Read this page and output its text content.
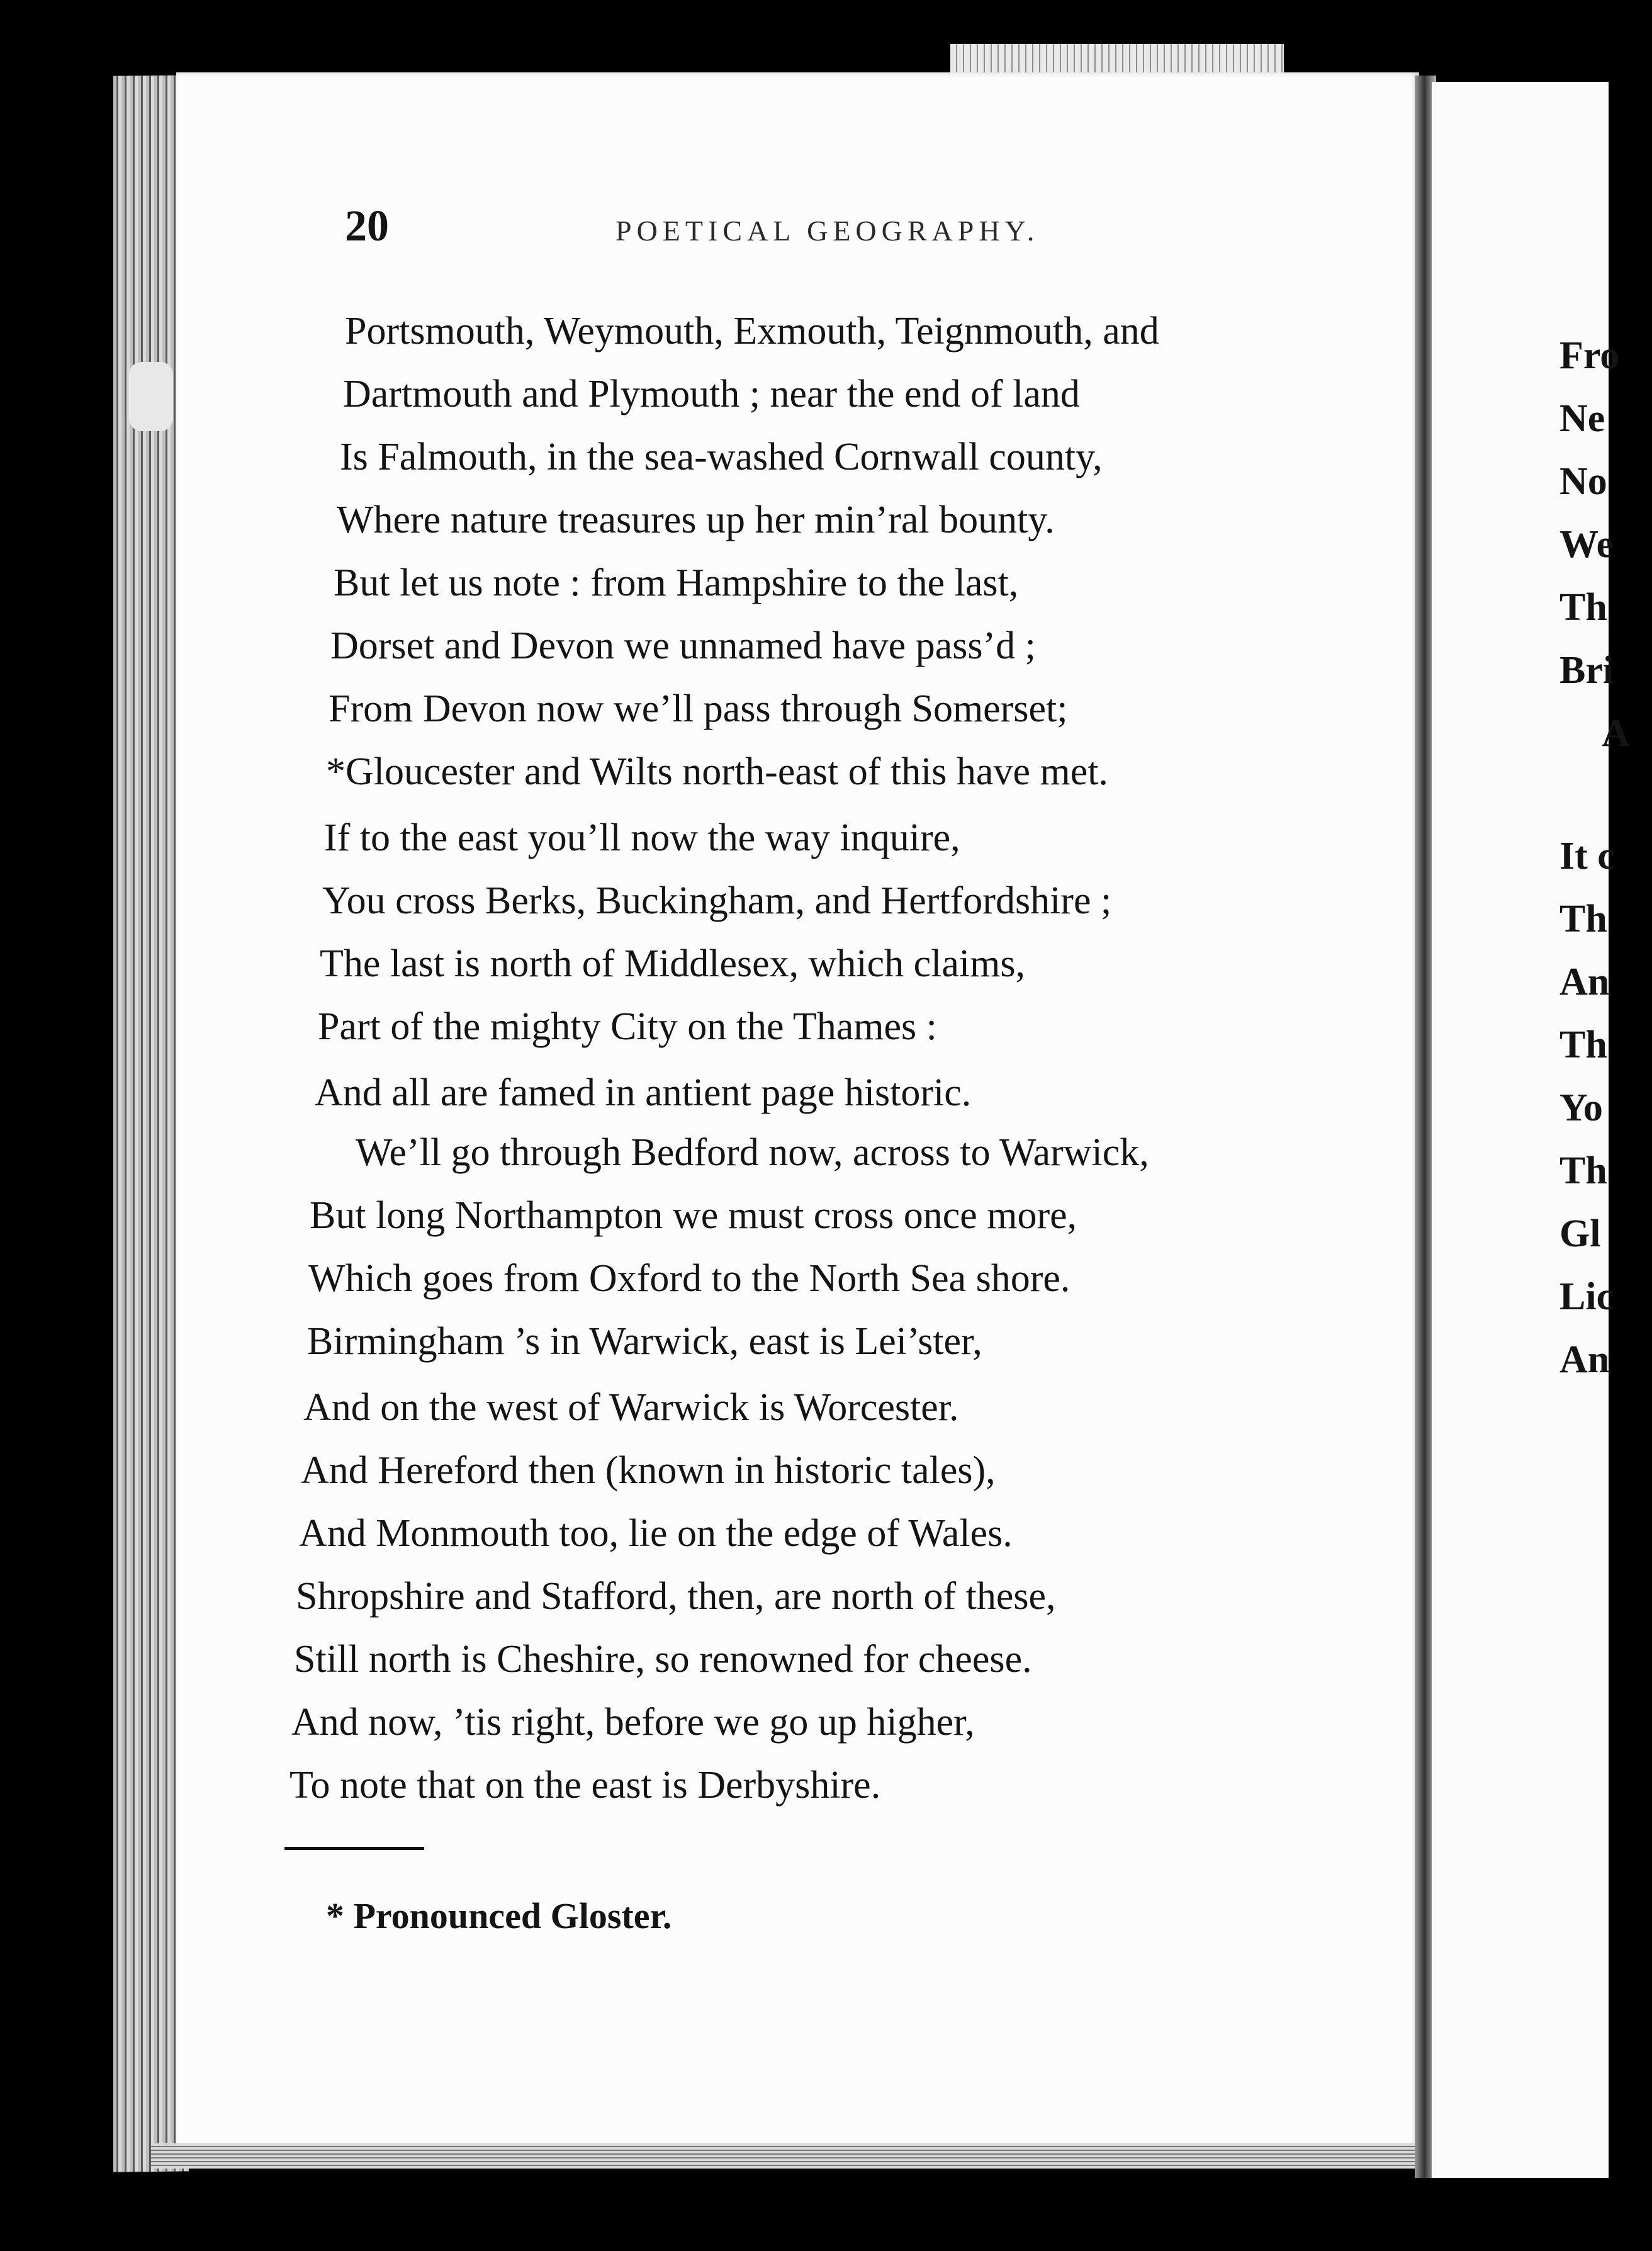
20	POETICAL GEOGRAPHY.
Portsmouth, Weymouth, Exmouth, Teignmouth, and
Dartmouth and Plymouth ; near the end of land
Is Falmouth, in the sea-washed Cornwall county,
Where nature treasures up her min’ral bounty.
But let us note : from Hampshire to the last,
Dorset and Devon we unnamed have pass’d ;
From Devon now we’ll pass through Somerset;
*Gloucester and Wilts north-east of this have met.
If to the east you’ll now the way inquire,
You cross Berks, Buckingham, and Hertfordshire ;
The last is north of Middlesex, which claims,
Part of the mighty City on the Thames :
And all are famed in antient page historic.
We’ll go through Bedford now, across to Warwick,
But long Northampton we must cross once more,
Which goes from Oxford to the North Sea shore.
Birmingham ’s in Warwick, east is Lei’ster,
And on the west of Warwick is Worcester.
And Hereford then (known in historic tales),
And Monmouth too, lie on the edge of Wales.
Shropshire and Stafford, then, are north of these,
Still north is Cheshire, so renowned for cheese.
And now, ’tis right, before we go up higher,
To note that on the east is Derbyshire.
* Pronounced Gloster.
Fro
Ne
No
We
Th
Bri
A
It c
Th
An
Th
Yo
Th
Gl
Lic
An
